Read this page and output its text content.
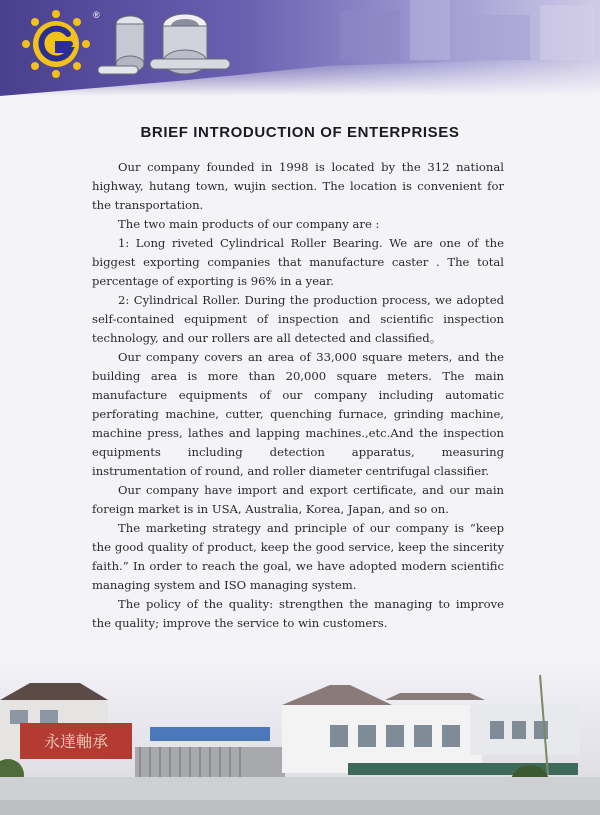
®
BRIEF INTRODUCTION OF ENTERPRISES

Our company founded in 1998 is located by the 312 national highway, hutang town, wujin section. The location is convenient for the transportation.

The two main products of our company are :

1: Long riveted Cylindrical Roller Bearing. We are one of the biggest exporting companies that manufacture caster . The total percentage of exporting is 96% in a year.

2: Cylindrical Roller. During the production process, we adopted self-contained equipment of inspection and scientific inspection technology, and our rollers are all detected and classified。

Our company covers an area of 33,000 square meters, and the building area is more than 20,000 square meters. The main manufacture equipments of our company including automatic perforating machine, cutter, quenching furnace, grinding machine, machine press, lathes and lapping machines.,etc.And the inspection equipments including detection apparatus, measuring instrumentation of round, and roller diameter centrifugal classifier.

Our company have import and export certificate, and our main foreign market is in USA, Australia, Korea, Japan, and so on.

The marketing strategy and principle of our company is “keep the good quality of product, keep the good service, keep the sincerity faith.” In order to reach the goal, we have adopted modern scientific managing system and ISO managing system.

The policy of the quality: strengthen the managing to improve the quality; improve the service to win customers.

永達軸承
